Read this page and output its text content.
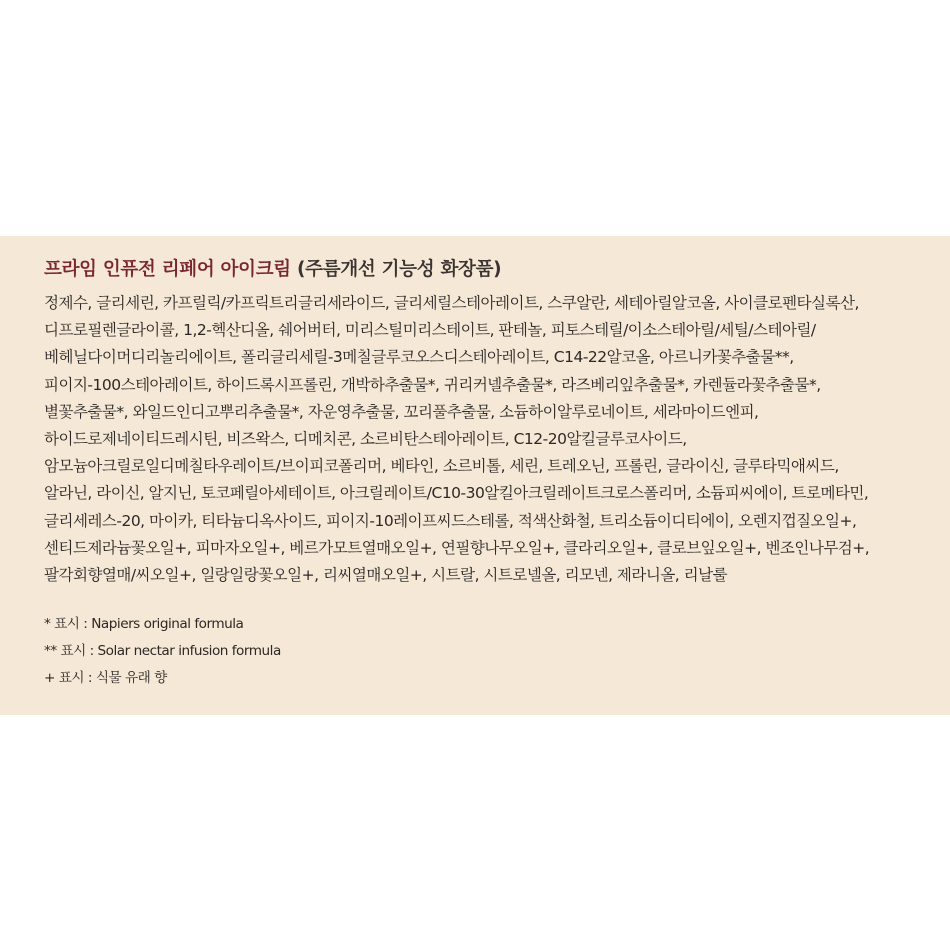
프라임 인퓨전 리페어 아이크림 (주름개선 기능성 화장품)
정제수, 글리세린, 카프릴릭/카프릭트리글리세라이드, 글리세릴스테아레이트, 스쿠알란, 세테아릴알코올, 사이클로펜타실록산,
디프로필렌글라이콜, 1,2-헥산디올, 쉐어버터, 미리스틸미리스테이트, 판테놀, 피토스테릴/이소스테아릴/세틸/스테아릴/
베헤닐다이머디리놀리에이트, 폴리글리세릴-3메칠글루코오스디스테아레이트, C14-22알코올, 아르니카꽃추출물**,
피이지-100스테아레이트, 하이드록시프롤린, 개박하추출물*, 귀리커넬추출물*, 라즈베리잎추출물*, 카렌듈라꽃추출물*,
별꽃추출물*, 와일드인디고뿌리추출물*, 자운영추출물, 꼬리풀추출물, 소듐하이알루로네이트, 세라마이드엔피,
하이드로제네이티드레시틴, 비즈왁스, 디메치콘, 소르비탄스테아레이트, C12-20알킬글루코사이드,
암모늄아크릴로일디메칠타우레이트/브이피코폴리머, 베타인, 소르비톨, 세린, 트레오닌, 프롤린, 글라이신, 글루타믹애씨드,
알라닌, 라이신, 알지닌, 토코페릴아세테이트, 아크릴레이트/C10-30알킬아크릴레이트크로스폴리머, 소듐피씨에이, 트로메타민,
글리세레스-20, 마이카, 티타늄디옥사이드, 피이지-10레이프씨드스테롤, 적색산화철, 트리소듐이디티에이, 오렌지껍질오일+,
센티드제라늄꽃오일+, 피마자오일+, 베르가모트열매오일+, 연필향나무오일+, 클라리오일+, 클로브잎오일+, 벤조인나무검+,
팔각회향열매/씨오일+, 일랑일랑꽃오일+, 리씨열매오일+, 시트랄, 시트로넬올, 리모넨, 제라니올, 리날룰
* 표시 : Napiers original formula
** 표시 : Solar nectar infusion formula
+ 표시 : 식물 유래 향
